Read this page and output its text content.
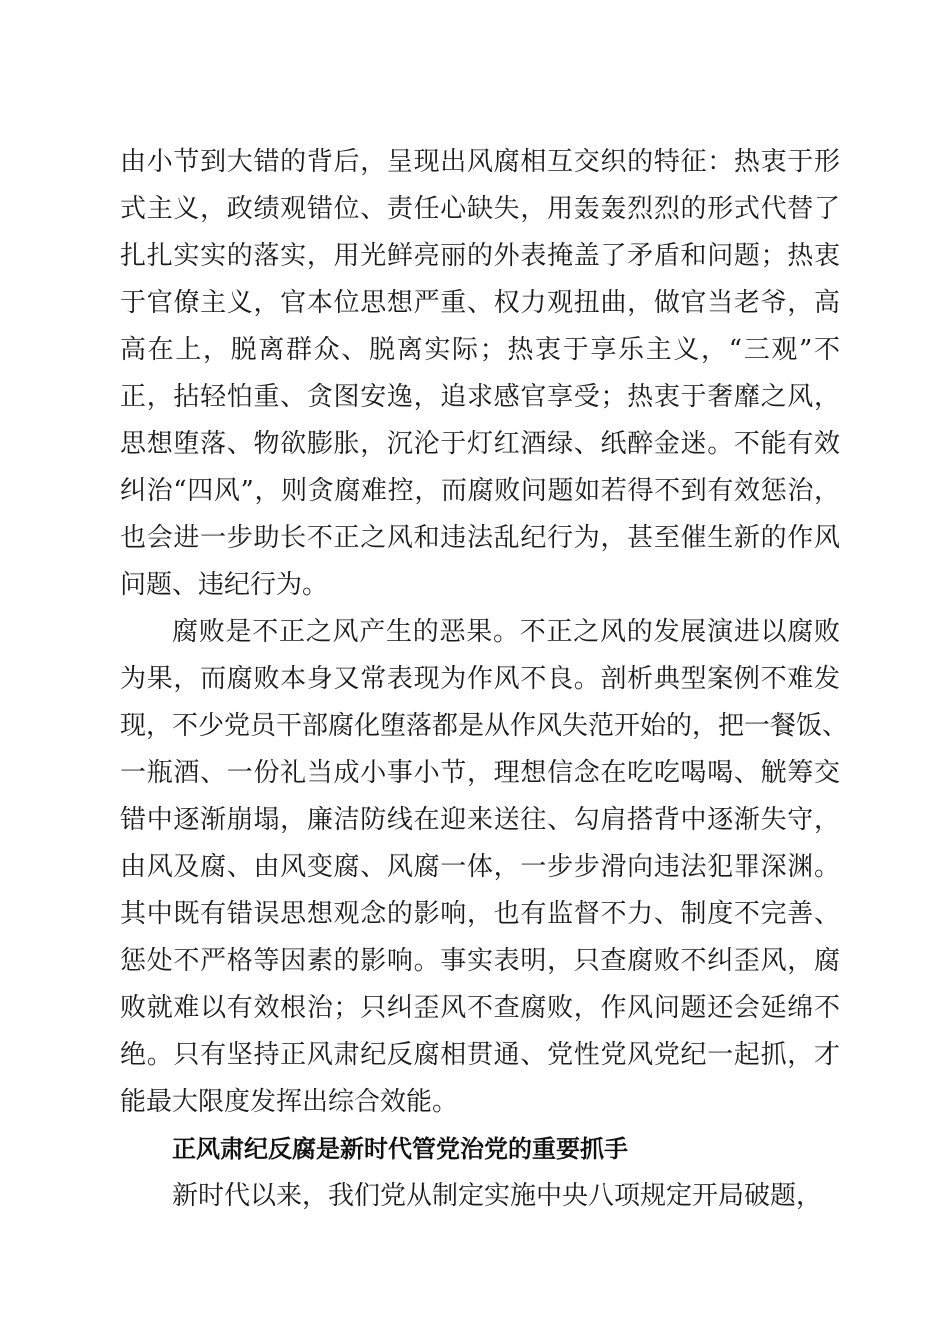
由小节到大错的背后，呈现出风腐相互交织的特征：热衷于形
式主义，政绩观错位、责任心缺失，用轰轰烈烈的形式代替了
扎扎实实的落实，用光鲜亮丽的外表掩盖了矛盾和问题；热衷
于官僚主义，官本位思想严重、权力观扭曲，做官当老爷，高
高在上，脱离群众、脱离实际；热衷于享乐主义，“三观”不
正，拈轻怕重、贪图安逸，追求感官享受；热衷于奢靡之风，
思想堕落、物欲膨胀，沉沦于灯红酒绿、纸醉金迷。不能有效
纠治“四风”，则贪腐难控，而腐败问题如若得不到有效惩治，
也会进一步助长不正之风和违法乱纪行为，甚至催生新的作风
问题、违纪行为。
腐败是不正之风产生的恶果。不正之风的发展演进以腐败
为果，而腐败本身又常表现为作风不良。剖析典型案例不难发
现，不少党员干部腐化堕落都是从作风失范开始的，把一餐饭、
一瓶酒、一份礼当成小事小节，理想信念在吃吃喝喝、觥筹交
错中逐渐崩塌，廉洁防线在迎来送往、勾肩搭背中逐渐失守，
由风及腐、由风变腐、风腐一体，一步步滑向违法犯罪深渊。
其中既有错误思想观念的影响，也有监督不力、制度不完善、
惩处不严格等因素的影响。事实表明，只查腐败不纠歪风，腐
败就难以有效根治；只纠歪风不查腐败，作风问题还会延绵不
绝。只有坚持正风肃纪反腐相贯通、党性党风党纪一起抓，才
能最大限度发挥出综合效能。
正风肃纪反腐是新时代管党治党的重要抓手
新时代以来，我们党从制定实施中央八项规定开局破题，
